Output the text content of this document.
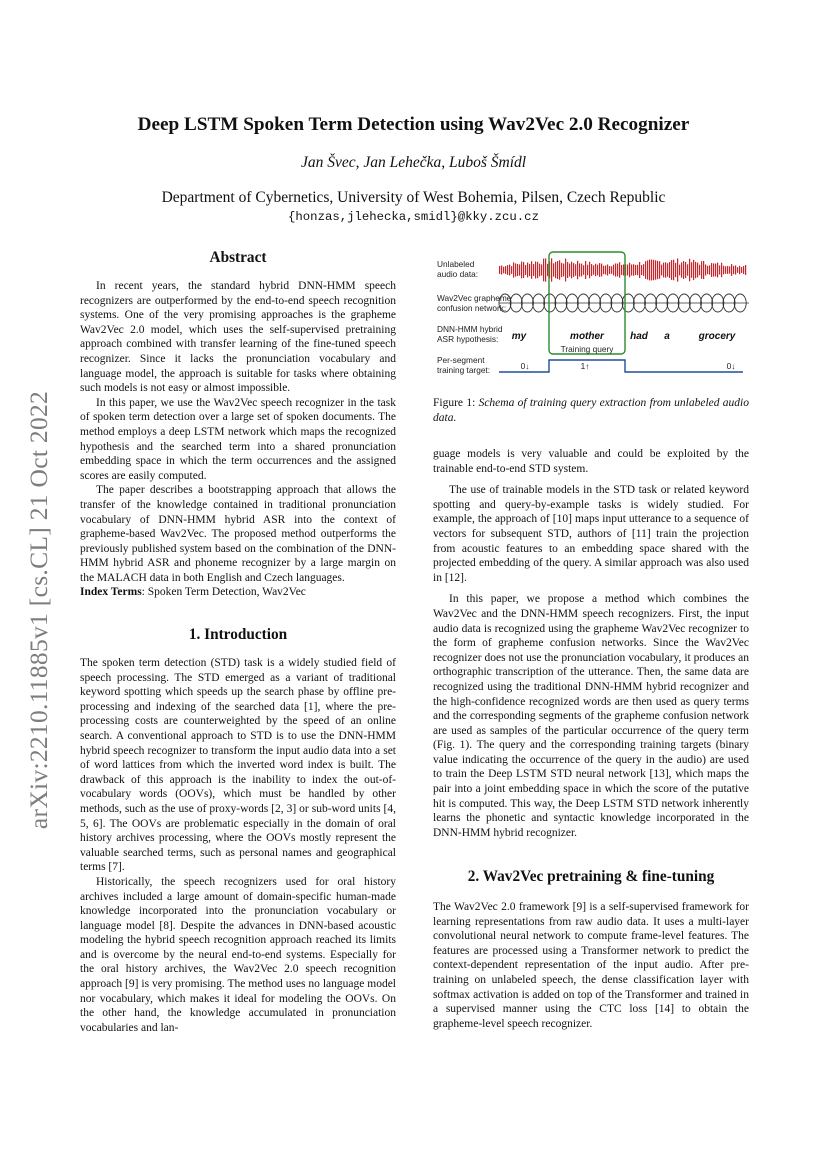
arXiv:2210.11885v1 [cs.CL] 21 Oct 2022
Deep LSTM Spoken Term Detection using Wav2Vec 2.0 Recognizer
Jan Švec, Jan Lehečka, Luboš Šmídl
Department of Cybernetics, University of West Bohemia, Pilsen, Czech Republic
{honzas,jlehecka,smidl}@kky.zcu.cz
Abstract

In recent years, the standard hybrid DNN-HMM speech recognizers are outperformed by the end-to-end speech recognition systems. One of the very promising approaches is the grapheme Wav2Vec 2.0 model, which uses the self-supervised pretraining approach combined with transfer learning of the fine-tuned speech recognizer. Since it lacks the pronunciation vocabulary and language model, the approach is suitable for tasks where obtaining such models is not easy or almost impossible.

In this paper, we use the Wav2Vec speech recognizer in the task of spoken term detection over a large set of spoken documents. The method employs a deep LSTM network which maps the recognized hypothesis and the searched term into a shared pronunciation embedding space in which the term occurrences and the assigned scores are easily computed.

The paper describes a bootstrapping approach that allows the transfer of the knowledge contained in traditional pronunciation vocabulary of DNN-HMM hybrid ASR into the context of grapheme-based Wav2Vec. The proposed method outperforms the previously published system based on the combination of the DNN-HMM hybrid ASR and phoneme recognizer by a large margin on the MALACH data in both English and Czech languages.

Index Terms: Spoken Term Detection, Wav2Vec

1. Introduction

The spoken term detection (STD) task is a widely studied field of speech processing. The STD emerged as a variant of traditional keyword spotting which speeds up the search phase by offline pre-processing and indexing of the searched data [1], where the pre-processing costs are counterweighted by the speed of an online search. A conventional approach to STD is to use the DNN-HMM hybrid speech recognizer to transform the input audio data into a set of word lattices from which the inverted word index is built. The drawback of this approach is the inability to index the out-of-vocabulary words (OOVs), which must be handled by other methods, such as the use of proxy-words [2, 3] or sub-word units [4, 5, 6]. The OOVs are problematic especially in the domain of oral history archives processing, where the OOVs mostly represent the valuable searched terms, such as personal names and geographical terms [7].

Historically, the speech recognizers used for oral history archives included a large amount of domain-specific human-made knowledge incorporated into the pronunciation vocabulary or language model [8]. Despite the advances in DNN-based acoustic modeling the hybrid speech recognition approach reached its limits and is overcome by the neural end-to-end systems. Especially for the oral history archives, the Wav2Vec 2.0 speech recognition approach [9] is very promising. The method uses no language model nor vocabulary, which makes it ideal for modeling the OOVs. On the other hand, the knowledge accumulated in pronunciation vocabularies and lan-

Unlabeled
audio data:
Wav2Vec grapheme
confusion network:
DNN-HMM hybrid
ASR hypothesis:
Per-segment
training target:
my	mother	had a	grocery
Training query
0↓	1↑	0↓
Figure 1: Schema of training query extraction from unlabeled audio data.

guage models is very valuable and could be exploited by the trainable end-to-end STD system.

The use of trainable models in the STD task or related keyword spotting and query-by-example tasks is widely studied. For example, the approach of [10] maps input utterance to a sequence of vectors for subsequent STD, authors of [11] train the projection from acoustic features to an embedding space shared with the projected embedding of the query. A similar approach was also used in [12].

In this paper, we propose a method which combines the Wav2Vec and the DNN-HMM speech recognizers. First, the input audio data is recognized using the grapheme Wav2Vec recognizer to the form of grapheme confusion networks. Since the Wav2Vec recognizer does not use the pronunciation vocabulary, it produces an orthographic transcription of the utterance. Then, the same data are recognized using the traditional DNN-HMM hybrid recognizer and the high-confidence recognized words are then used as query terms and the corresponding segments of the grapheme confusion network are used as samples of the particular occurrence of the query term (Fig. 1). The query and the corresponding training targets (binary value indicating the occurrence of the query in the audio) are used to train the Deep LSTM STD neural network [13], which maps the pair into a joint embedding space in which the score of the putative hit is computed. This way, the Deep LSTM STD network inherently learns the phonetic and syntactic knowledge incorporated in the DNN-HMM hybrid recognizer.

2. Wav2Vec pretraining & fine-tuning

The Wav2Vec 2.0 framework [9] is a self-supervised framework for learning representations from raw audio data. It uses a multi-layer convolutional neural network to compute frame-level features. The features are processed using a Transformer network to predict the context-dependent representation of the input audio. After pre-training on unlabeled speech, the dense classification layer with softmax activation is added on top of the Transformer and trained in a supervised manner using the CTC loss [14] to obtain the grapheme-level speech recognizer.
